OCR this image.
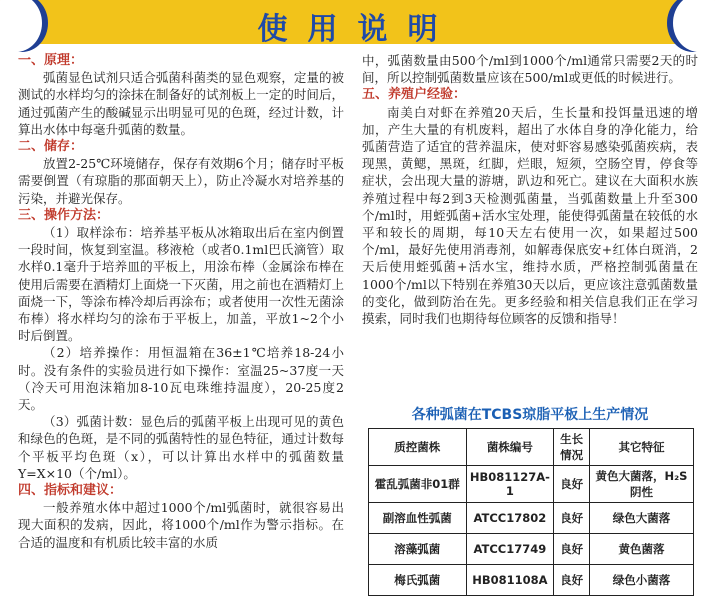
使用说明

一、原理：

弧菌显色试剂只适合弧菌科菌类的显色观察，定量的被测试的水样均匀的涂抹在制备好的试剂板上一定的时间后，通过弧菌产生的酸碱显示出明显可见的色斑，经过计数，计算出水体中每毫升弧菌的数量。

二、储存：

放置2-25℃环境储存，保存有效期6个月；储存时平板需要倒置（有琼脂的那面朝天上），防止冷凝水对培养基的污染，并避光保存。

三、操作方法：

（1）取样涂布：培养基平板从冰箱取出后在室内倒置一段时间，恢复到室温。移液枪（或者0.1ml巴氏滴管）取水样0.1毫升于培养皿的平板上，用涂布棒（金属涂布棒在使用后需要在酒精灯上面烧一下灭菌，用之前也在酒精灯上面烧一下，等涂布棒冷却后再涂布；或者使用一次性无菌涂布棒）将水样均匀的涂布于平板上，加盖，平放1~2个小时后倒置。

（2）培养操作：用恒温箱在36±1℃培养18-24小时。没有条件的实验员进行如下操作：室温25~37度一天（冷天可用泡沫箱加8-10瓦电珠维持温度），20-25度2天。

（3）弧菌计数：显色后的弧菌平板上出现可见的黄色和绿色的色斑，是不同的弧菌特性的显色特征，通过计数每个平板平均色斑（x），可以计算出水样中的弧菌数量Y=X×10（个/ml）。

四、指标和建议：

一般养殖水体中超过1000个/ml弧菌时，就很容易出现大面积的发病，因此，将1000个/ml作为警示指标。在合适的温度和有机质比较丰富的水质

中，弧菌数量由500个/ml到1000个/ml通常只需要2天的时间，所以控制弧菌数量应该在500/ml或更低的时候进行。

五、养殖户经验：

南美白对虾在养殖20天后，生长量和投饵量迅速的增加，产生大量的有机废料，超出了水体自身的净化能力，给弧菌营造了适宜的营养温床，使对虾容易感染弧菌疾病，表现黑，黄鳃，黑斑，红脚，烂眼，短须，空肠空胃，停食等症状，会出现大量的游塘，趴边和死亡。建议在大面积水族养殖过程中每2到3天检测弧菌量，当弧菌数量上升至300个/ml时，用蛭弧菌+活水宝处理，能使得弧菌量在较低的水平和较长的周期，每10天左右使用一次，如果超过500个/ml，最好先使用消毒剂，如解毒保底安+红体白斑消，2天后使用蛭弧菌+活水宝，维持水质，严格控制弧菌量在1000个/ml以下特别在养殖30天以后，更应该注意弧菌数量的变化，做到防治在先。更多经验和相关信息我们正在学习摸索，同时我们也期待每位顾客的反馈和指导！

各种弧菌在TCBS琼脂平板上生产情况
质控菌株	菌株编号	生长情况	其它特征
霍乱弧菌非01群	HB081127A-1	良好	黄色大菌落，H₂S阴性
副溶血性弧菌	ATCC17802	良好	绿色大菌落
溶藻弧菌	ATCC17749	良好	黄色菌落
梅氏弧菌	HB081108A	良好	绿色小菌落
